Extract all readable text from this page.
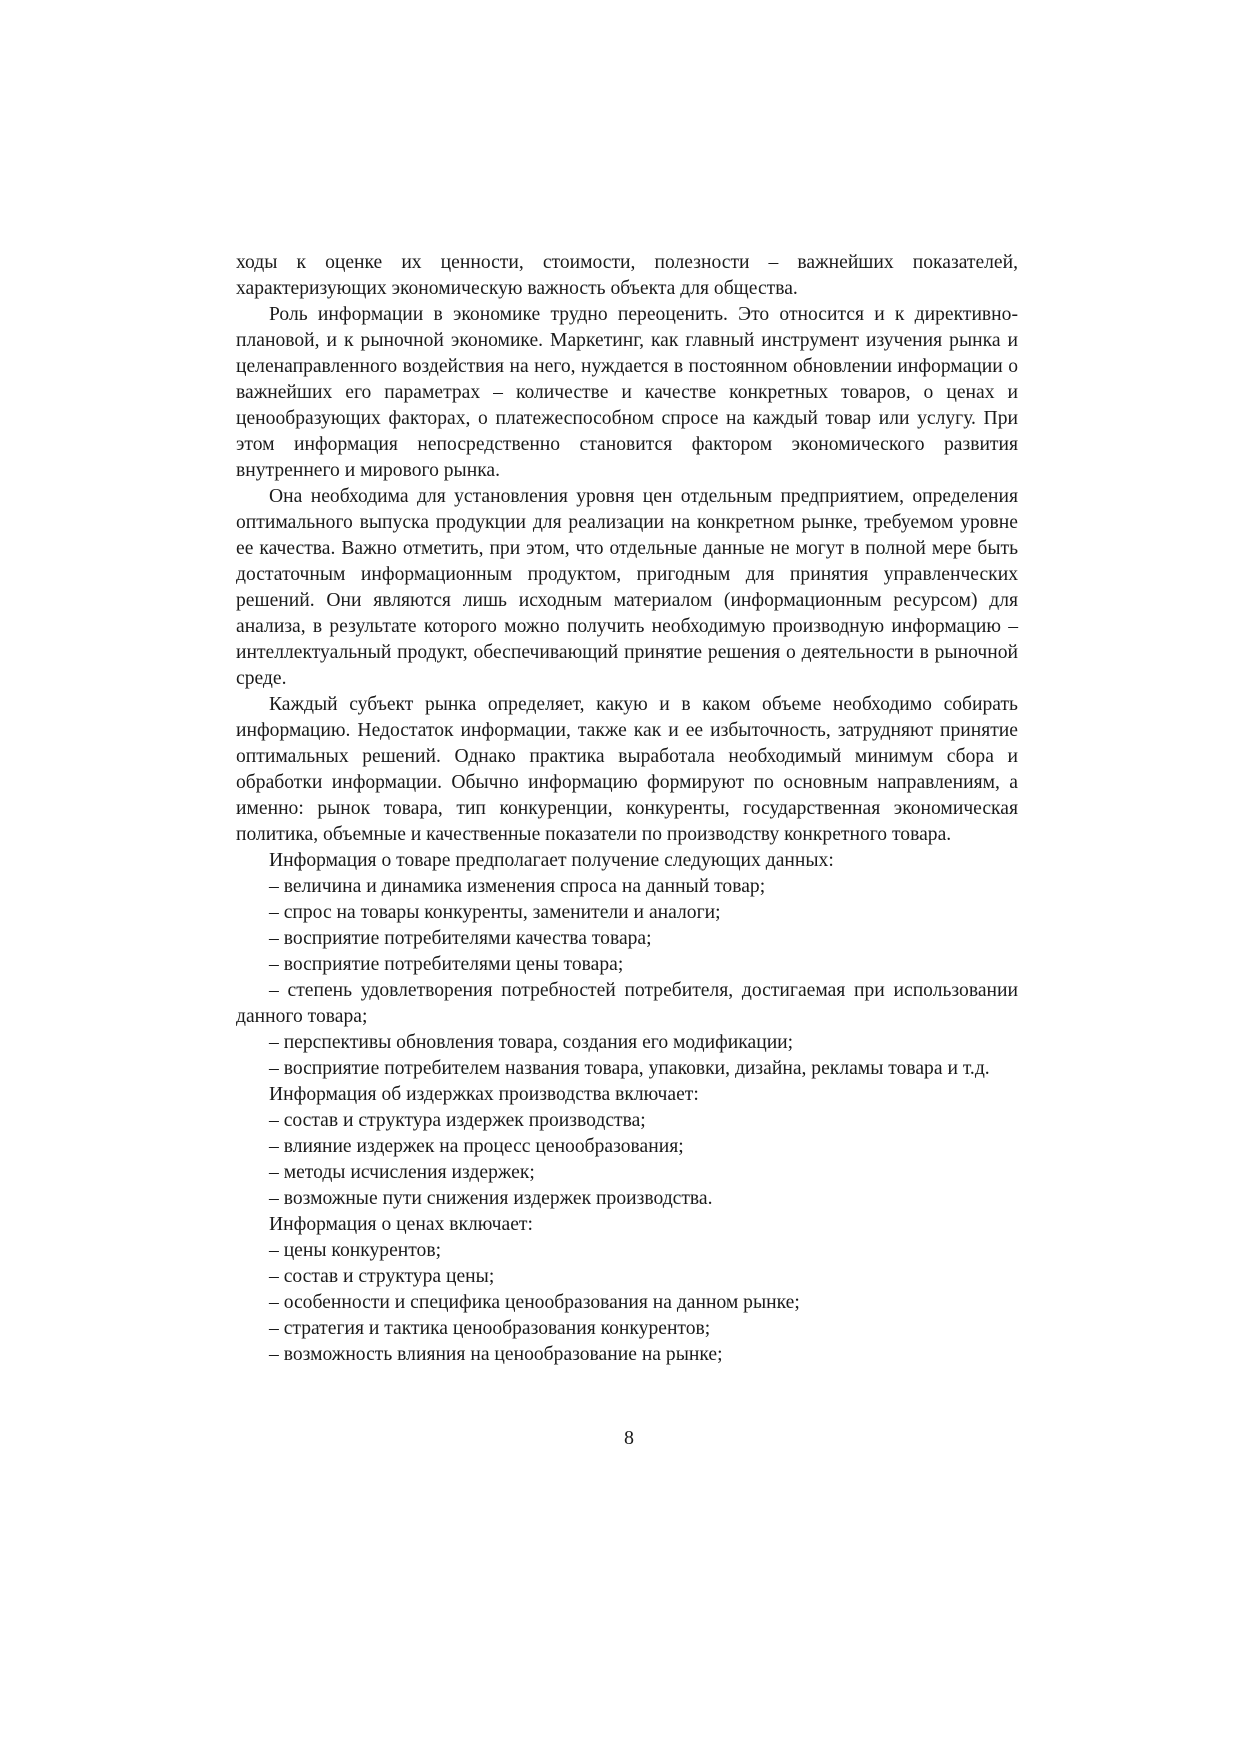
ходы к оценке их ценности, стоимости, полезности – важнейших показателей, характеризующих экономическую важность объекта для общества.

Роль информации в экономике трудно переоценить. Это относится и к директивно-плановой, и к рыночной экономике. Маркетинг, как главный инструмент изучения рынка и целенаправленного воздействия на него, нуждается в постоянном обновлении информации о важнейших его параметрах – количестве и качестве конкретных товаров, о ценах и ценообразующих факторах, о платежеспособном спросе на каждый товар или услугу. При этом информация непосредственно становится фактором экономического развития внутреннего и мирового рынка.

Она необходима для установления уровня цен отдельным предприятием, определения оптимального выпуска продукции для реализации на конкретном рынке, требуемом уровне ее качества. Важно отметить, при этом, что отдельные данные не могут в полной мере быть достаточным информационным продуктом, пригодным для принятия управленческих решений. Они являются лишь исходным материалом (информационным ресурсом) для анализа, в результате которого можно получить необходимую производную информацию – интеллектуальный продукт, обеспечивающий принятие решения о деятельности в рыночной среде.

Каждый субъект рынка определяет, какую и в каком объеме необходимо собирать информацию. Недостаток информации, также как и ее избыточность, затрудняют принятие оптимальных решений. Однако практика выработала необходимый минимум сбора и обработки информации. Обычно информацию формируют по основным направлениям, а именно: рынок товара, тип конкуренции, конкуренты, государственная экономическая политика, объемные и качественные показатели по производству конкретного товара.

Информация о товаре предполагает получение следующих данных:

– величина и динамика изменения спроса на данный товар;

– спрос на товары конкуренты, заменители и аналоги;

– восприятие потребителями качества товара;

– восприятие потребителями цены товара;

– степень удовлетворения потребностей потребителя, достигаемая при использовании данного товара;

– перспективы обновления товара, создания его модификации;

– восприятие потребителем названия товара, упаковки, дизайна, рекламы товара и т.д.

Информация об издержках производства включает:

– состав и структура издержек производства;

– влияние издержек на процесс ценообразования;

– методы исчисления издержек;

– возможные пути снижения издержек производства.

Информация о ценах включает:

– цены конкурентов;

– состав и структура цены;

– особенности и специфика ценообразования на данном рынке;

– стратегия и тактика ценообразования конкурентов;

– возможность влияния на ценообразование на рынке;

8
